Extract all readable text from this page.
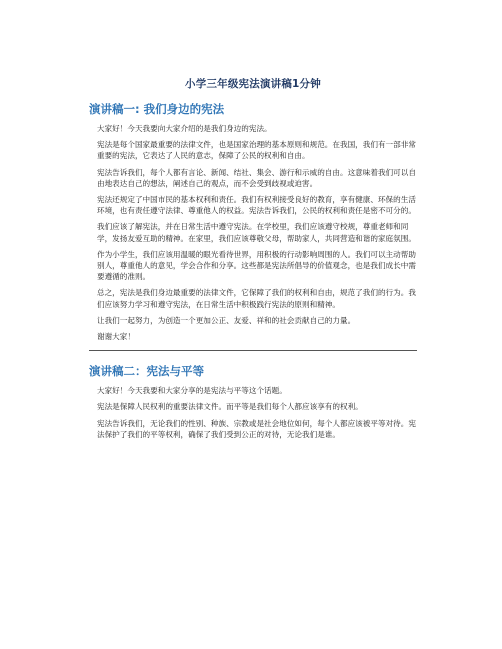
小学三年级宪法演讲稿1分钟
演讲稿一: 我们身边的宪法

大家好！今天我要向大家介绍的是我们身边的宪法。

宪法是每个国家最重要的法律文件，也是国家治理的基本原则和规范。在我国，我们有一部非常重要的宪法，它表达了人民的意志，保障了公民的权利和自由。

宪法告诉我们，每个人都有言论、新闻、结社、集会、游行和示威的自由。这意味着我们可以自由地表达自己的想法，阐述自己的观点，而不会受到歧视或迫害。

宪法还规定了中国市民的基本权利和责任。我们有权利接受良好的教育，享有健康、环保的生活环境，也有责任遵守法律、尊重他人的权益。宪法告诉我们，公民的权利和责任是密不可分的。

我们应该了解宪法，并在日常生活中遵守宪法。在学校里，我们应该遵守校规，尊重老师和同学，发扬友爱互助的精神。在家里，我们应该尊敬父母，帮助家人，共同营造和谐的家庭氛围。

作为小学生，我们应该用温暖的眼光看待世界，用积极的行动影响周围的人。我们可以主动帮助别人，尊重他人的意见，学会合作和分享。这些都是宪法所倡导的价值观念，也是我们成长中需要遵循的准则。

总之，宪法是我们身边最重要的法律文件，它保障了我们的权利和自由，规范了我们的行为。我们应该努力学习和遵守宪法，在日常生活中积极践行宪法的原则和精神。

让我们一起努力，为创造一个更加公正、友爱、祥和的社会贡献自己的力量。

谢谢大家！

演讲稿二：宪法与平等

大家好！今天我要和大家分享的是宪法与平等这个话题。

宪法是保障人民权利的重要法律文件。而平等是我们每个人都应该享有的权利。

宪法告诉我们，无论我们的性别、种族、宗教或是社会地位如何，每个人都应该被平等对待。宪法保护了我们的平等权利，确保了我们受到公正的对待，无论我们是谁。
